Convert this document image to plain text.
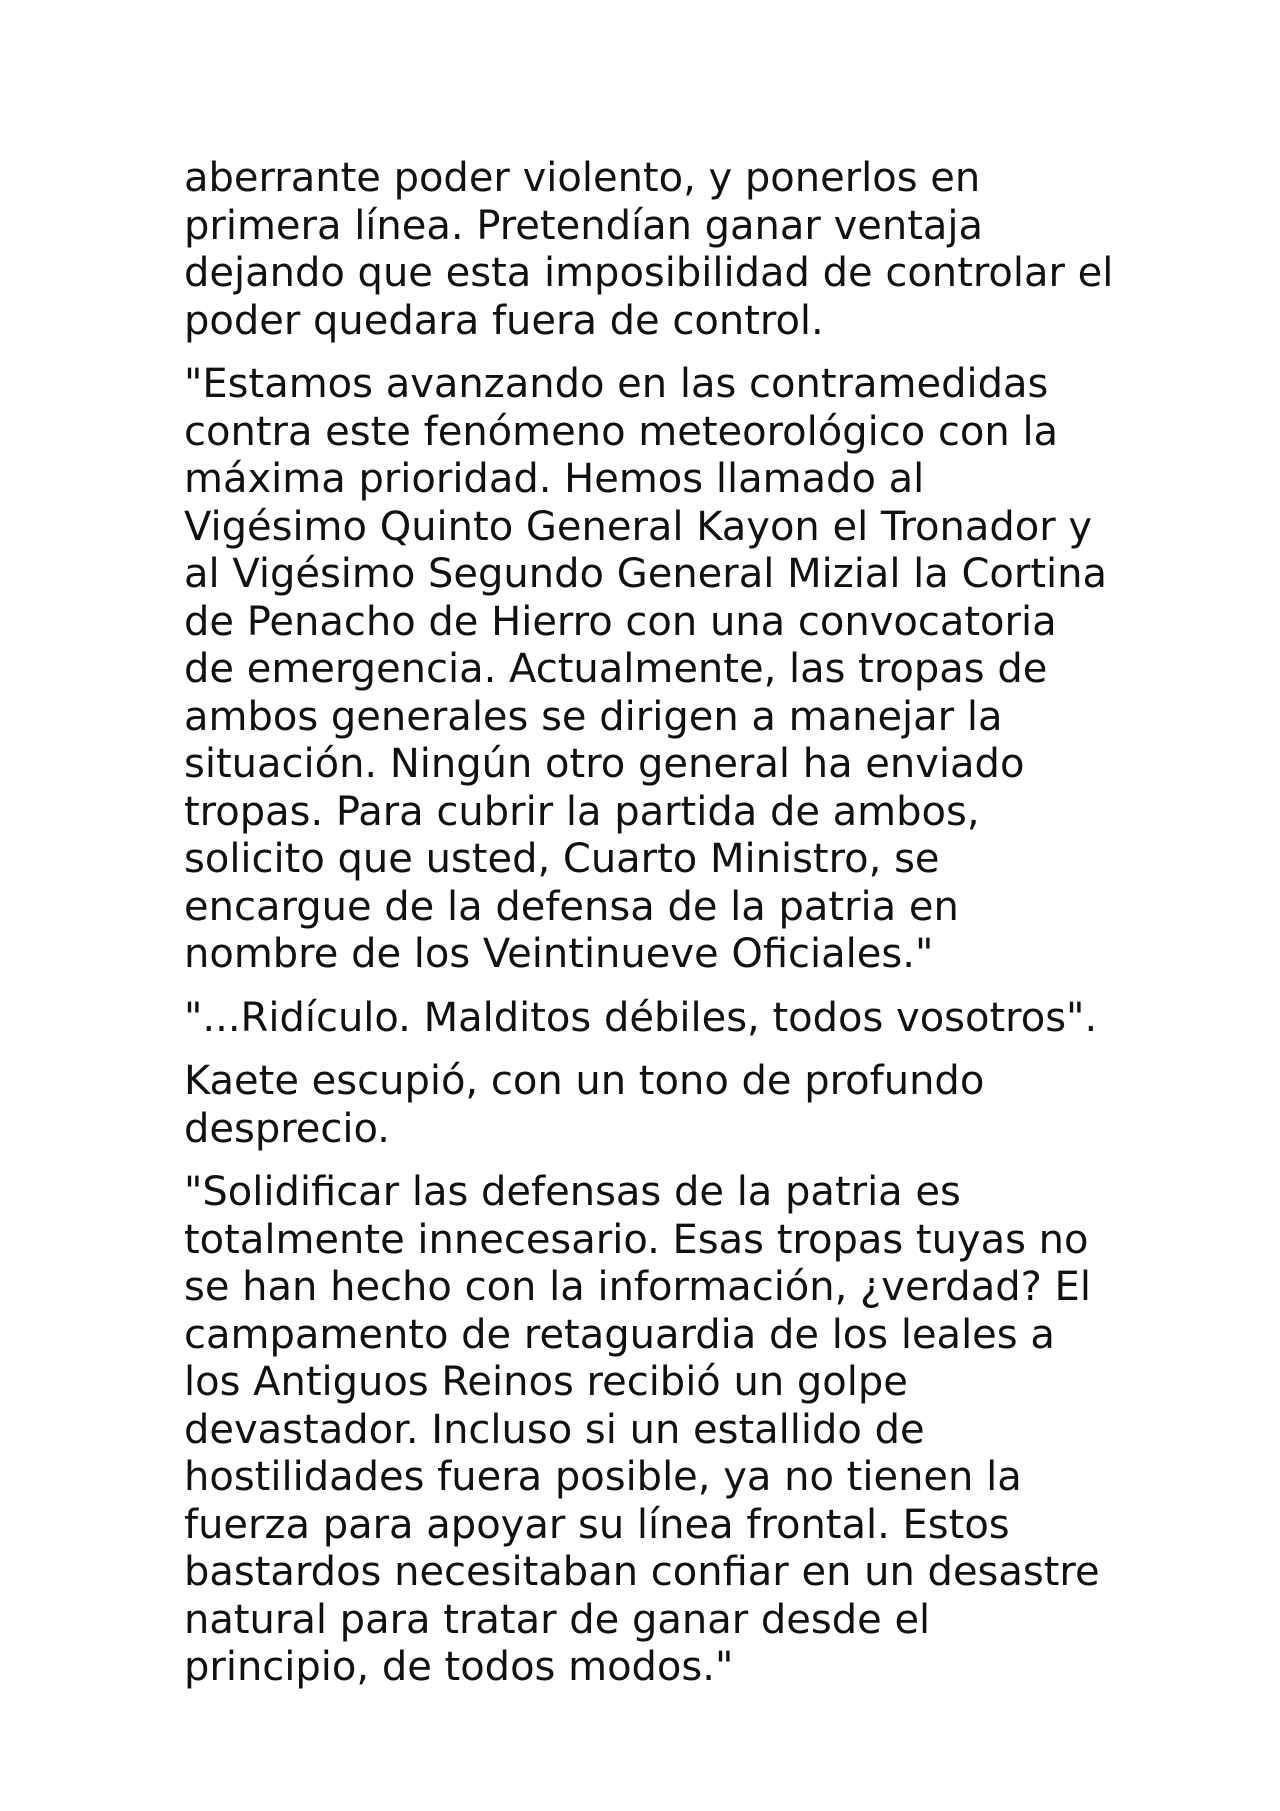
aberrante poder violento, y ponerlos en primera línea. Pretendían ganar ventaja dejando que esta imposibilidad de controlar el poder quedara fuera de control.

"Estamos avanzando en las contramedidas contra este fenómeno meteorológico con la máxima prioridad. Hemos llamado al Vigésimo Quinto General Kayon el Tronador y al Vigésimo Segundo General Mizial la Cortina de Penacho de Hierro con una convocatoria de emergencia. Actualmente, las tropas de ambos generales se dirigen a manejar la situación. Ningún otro general ha enviado tropas. Para cubrir la partida de ambos, solicito que usted, Cuarto Ministro, se encargue de la defensa de la patria en nombre de los Veintinueve Oficiales."

"...Ridículo. Malditos débiles, todos vosotros".

Kaete escupió, con un tono de profundo desprecio.

"Solidificar las defensas de la patria es totalmente innecesario. Esas tropas tuyas no se han hecho con la información, ¿verdad? El campamento de retaguardia de los leales a los Antiguos Reinos recibió un golpe devastador. Incluso si un estallido de hostilidades fuera posible, ya no tienen la fuerza para apoyar su línea frontal. Estos bastardos necesitaban confiar en un desastre natural para tratar de ganar desde el principio, de todos modos."
